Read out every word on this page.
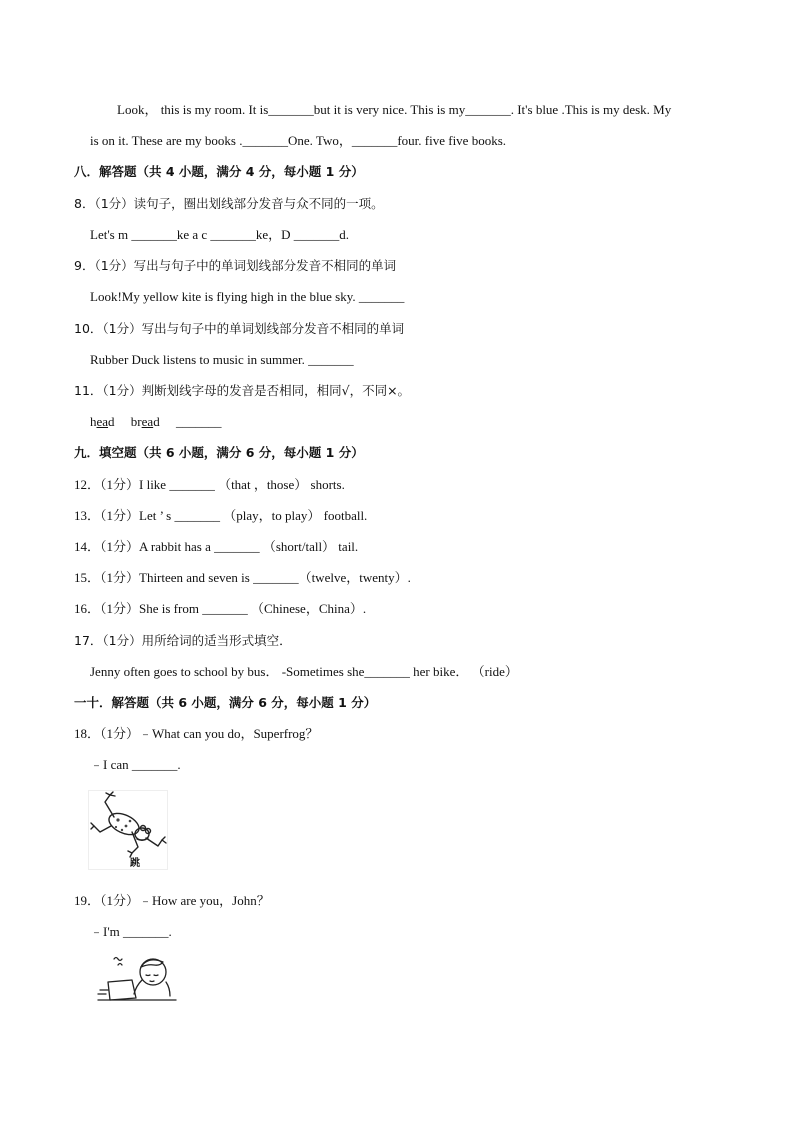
Look， this is my room. It is_______but it is very nice. This is my_______. It's blue .This is my desk. My
is on it. These are my books ._______One. Two，_______four. five five books.
八．解答题（共 4 小题，满分 4 分，每小题 1 分）
8．（1分）读句子，圈出划线部分发音与众不同的一项。
Let's m _______ke a c _______ke，D _______d.
9．（1分）写出与句子中的单词划线部分发音不相同的单词
Look!My yellow kite is flying high in the blue sky. _______
10．（1分）写出与句子中的单词划线部分发音不相同的单词
Rubber Duck listens to music in summer. _______
11．（1分）判断划线字母的发音是否相同，相同√，不同×。
head bread _______
九．填空题（共 6 小题，满分 6 分，每小题 1 分）
12．（1分）I like _______ （that ，those） shorts.
13．（1分）Let ’ s _______ （play，to play） football.
14．（1分）A rabbit has a _______ （short/tall） tail.
15．（1分）Thirteen and seven is _______（twelve，twenty）.
16．（1分）She is from _______ （Chinese，China）.
17．（1分）用所给词的适当形式填空．
Jenny often goes to school by bus． -Sometimes she_______ her bike． （ride）
一十．解答题（共 6 小题，满分 6 分，每小题 1 分）
18．（1分）﹣What can you do，Superfrog？
﹣I can _______.
跳
19．（1分）﹣How are you，John？
﹣I'm _______.
